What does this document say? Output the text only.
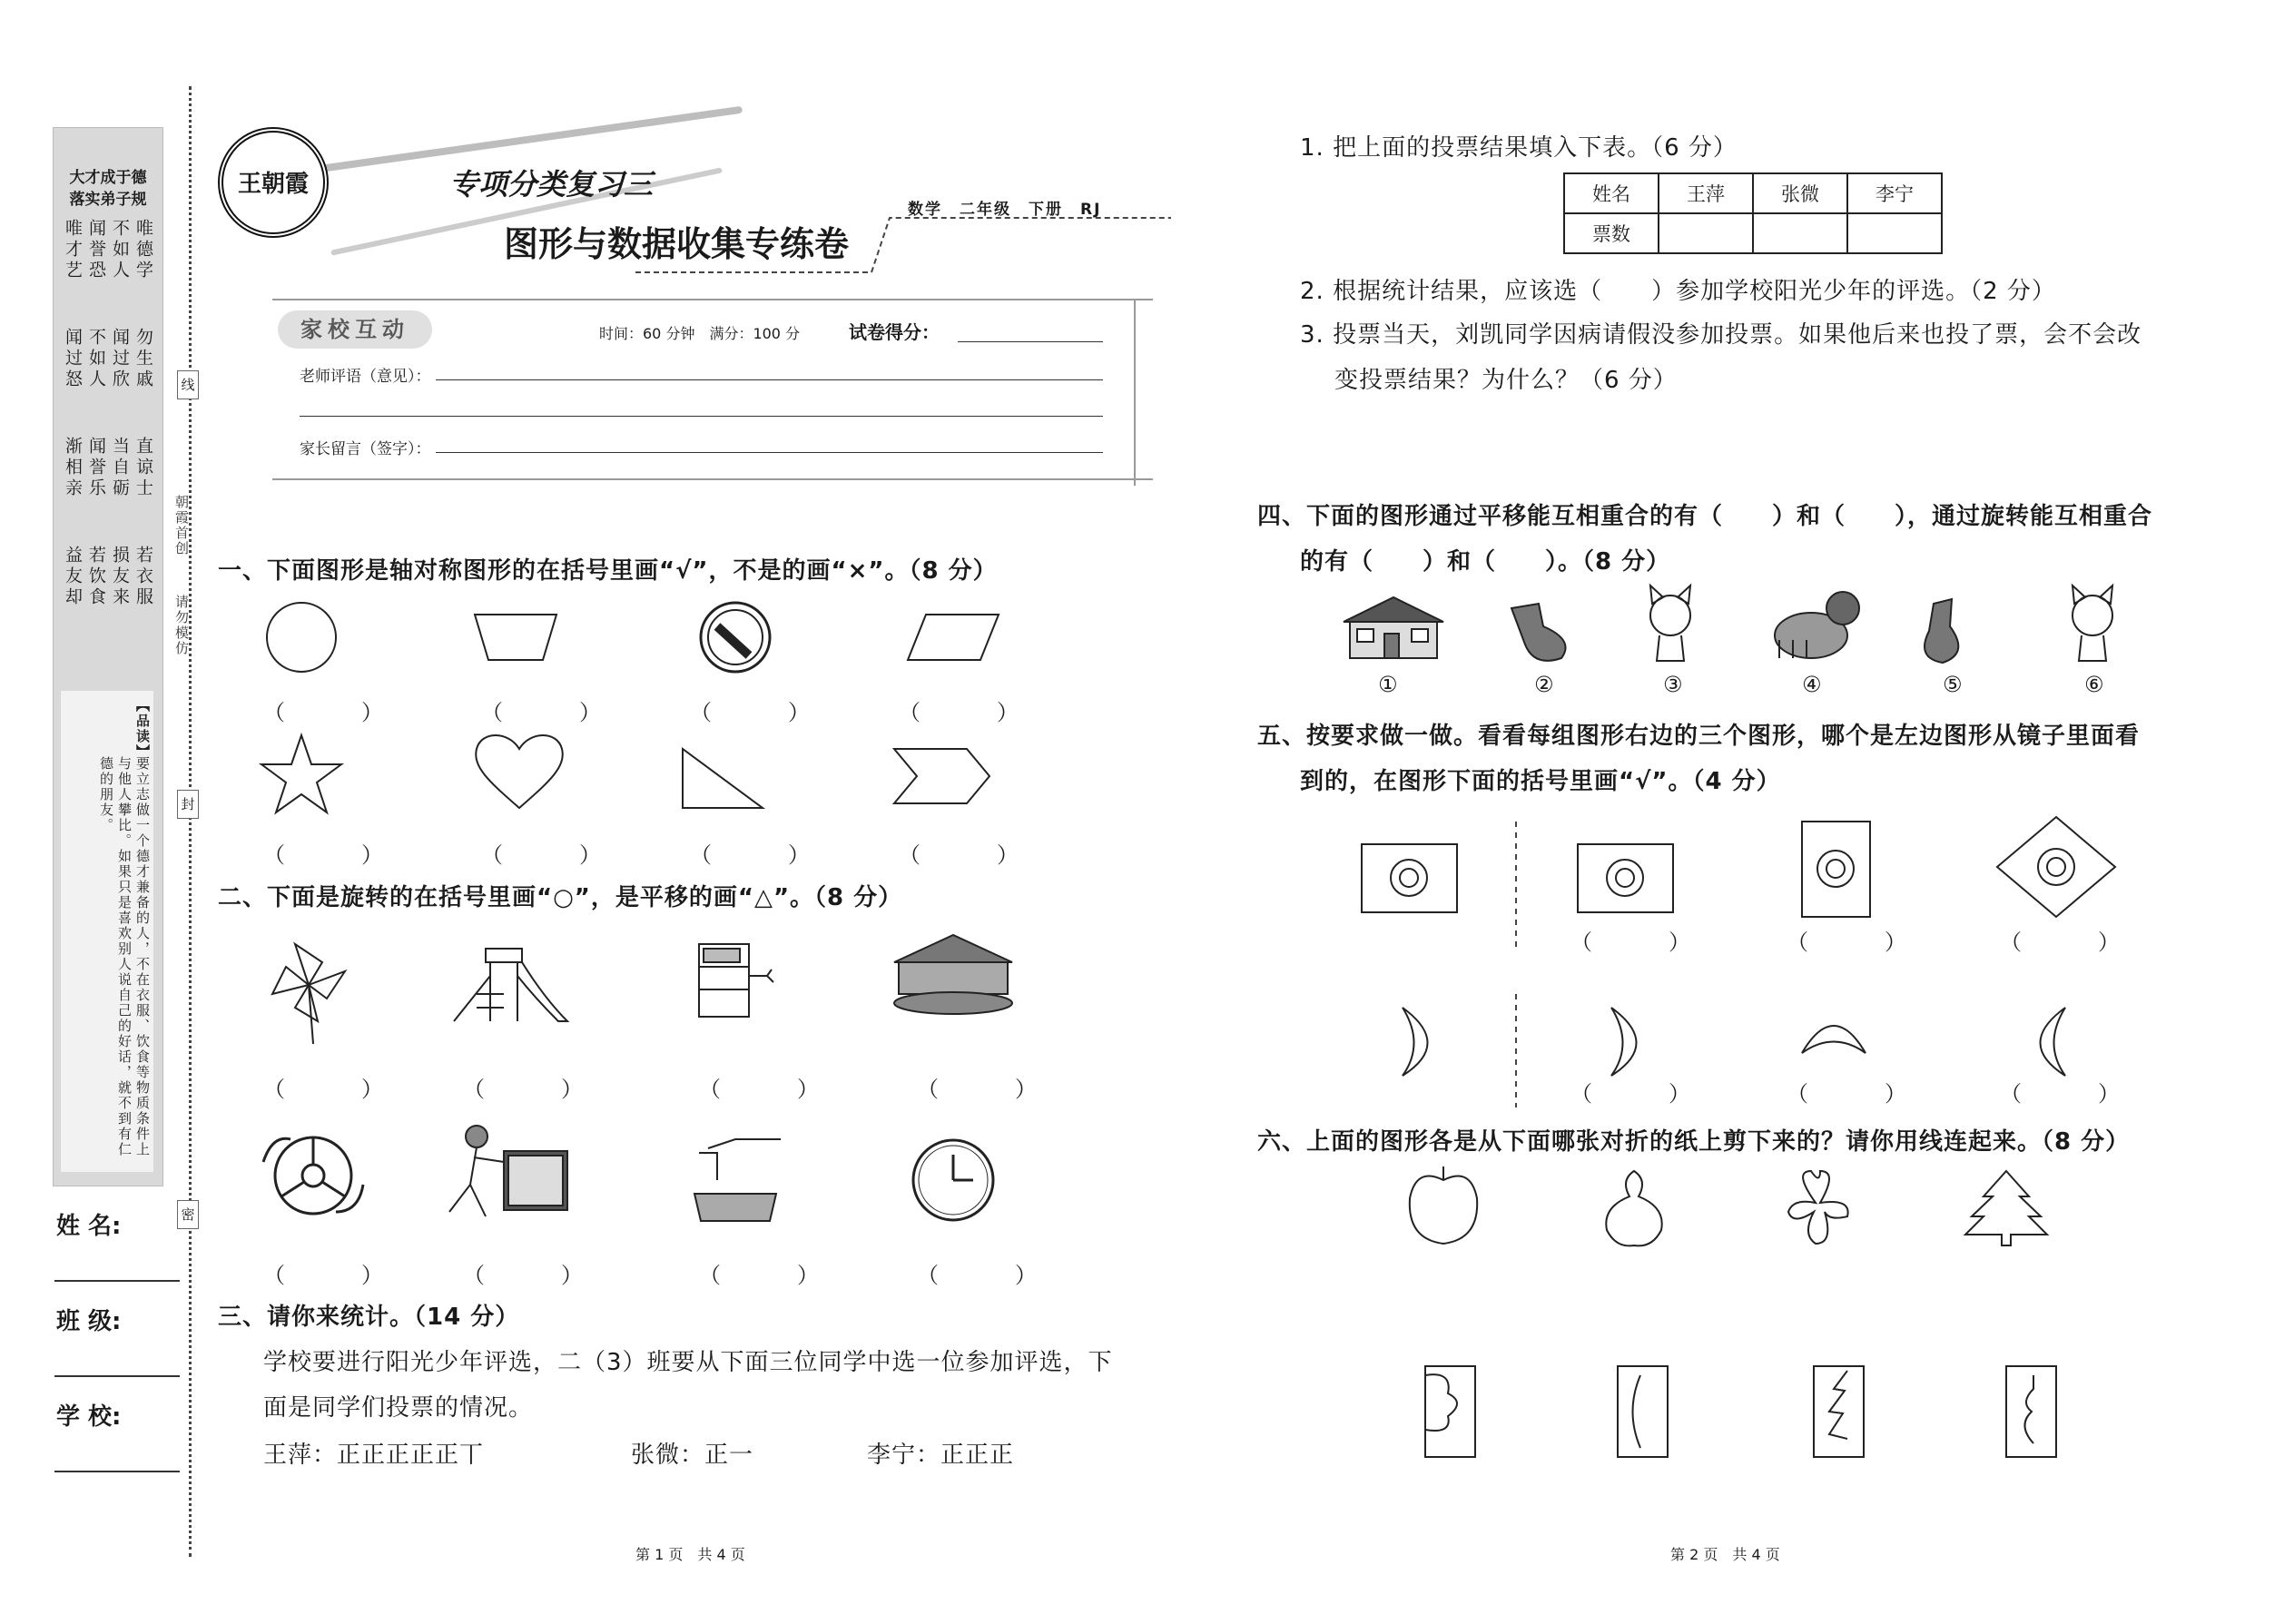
大才成于德
落实弟子规
唯德学
不如人
闻誉恐
唯才艺
勿生戚
闻过欣
不如人
闻过怒
直谅士
当自砺
闻誉乐
渐相亲
若衣服
损友来
若饮食
益友却
【品读】
要立志做一个德才兼备的人，不在衣服、饮食等物质条件上与他人攀比。如果只是喜欢别人说自己的好话，就不到有仁德的朋友。
姓 名:
班 级:
学 校:
线
封
密
朝霞首创
请勿模仿
王朝霞	专项分类复习三
图形与数据收集专练卷
数学　二年级　下册　RJ
家校互动	时间：60 分钟　满分：100 分	试卷得分：
老师评语（意见）：
家长留言（签字）：
一、下面图形是轴对称图形的在括号里画“√”，不是的画“×”。（8 分）
（　）	（　）	（　）	（　）
（　）	（　）	（　）	（　）
二、下面是旋转的在括号里画“○”，是平移的画“△”。（8 分）
（　） （　）	（　）	（　）
（　） （　）	（　）	（　）
三、请你来统计。（14 分）
学校要进行阳光少年评选，二（3）班要从下面三位同学中选一位参加评选，下
面是同学们投票的情况。
王萍：正正正正正丅	张微：正一	李宁：正正正
第 1 页　共 4 页
1. 把上面的投票结果填入下表。（6 分）
姓名	王萍	张微	李宁
票数			
2. 根据统计结果，应该选（　　）参加学校阳光少年的评选。（2 分）
3. 投票当天，刘凯同学因病请假没参加投票。如果他后来也投了票，会不会改
变投票结果？为什么？（6 分）
四、下面的图形通过平移能互相重合的有（　　）和（　　），通过旋转能互相重合
的有（　　）和（　　）。（8 分）
①	②	③	④	⑤	⑥
五、按要求做一做。看看每组图形右边的三个图形，哪个是左边图形从镜子里面看
到的，在图形下面的括号里画“√”。（4 分）
（　）	（　）	（　）
（　）	（　）	（　）
六、上面的图形各是从下面哪张对折的纸上剪下来的？请你用线连起来。（8 分）
第 2 页　共 4 页
